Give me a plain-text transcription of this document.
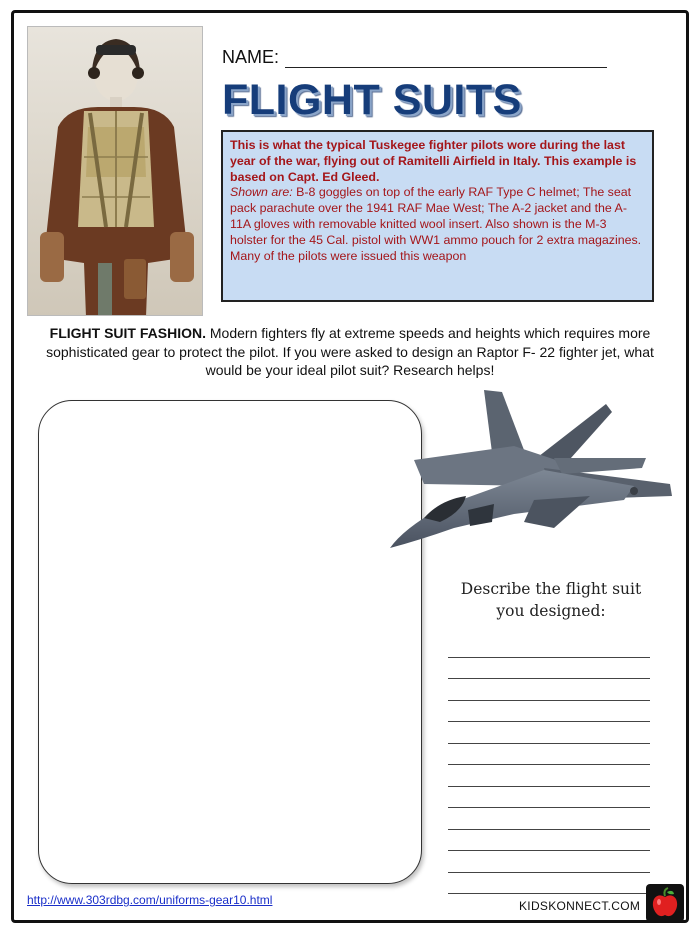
NAME:
FLIGHT SUITS
This is what the typical Tuskegee fighter pilots wore during the last year of the war, flying out of Ramitelli Airfield in Italy. This example is based on Capt. Ed Gleed.
Shown are: B-8 goggles on top of the early RAF Type C helmet; The seat pack parachute over the 1941 RAF Mae West; The A-2 jacket and the A-11A gloves with removable knitted wool insert. Also shown is the M-3 holster for the 45 Cal. pistol with WW1 ammo pouch for 2 extra magazines. Many of the pilots were issued this weapon
FLIGHT SUIT FASHION. Modern fighters fly at extreme speeds and heights which requires more sophisticated gear to protect the pilot. If you were asked to design an Raptor F- 22 fighter jet, what would be your ideal pilot suit? Research helps!
Describe the flight suit
you designed:
http://www.303rdbg.com/uniforms-gear10.html	KIDSKONNECT.COM
